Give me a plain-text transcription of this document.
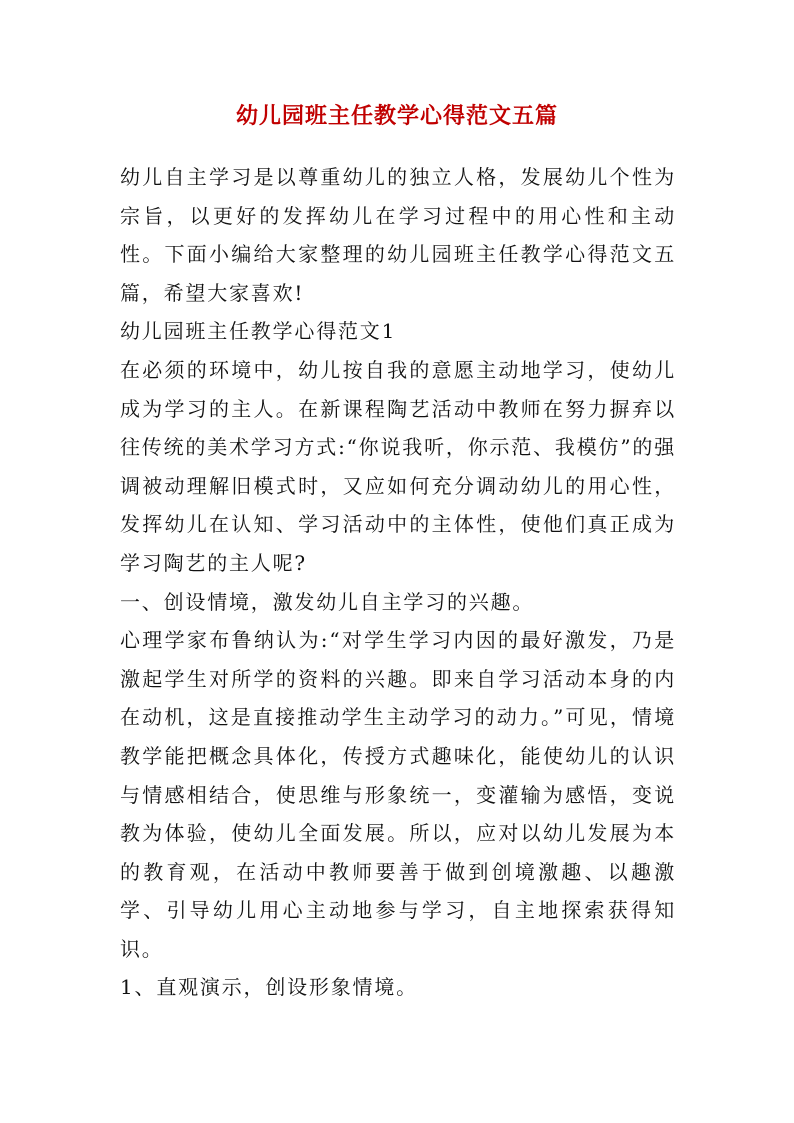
幼儿园班主任教学心得范文五篇

幼儿自主学习是以尊重幼儿的独立人格，发展幼儿个性为宗旨，以更好的发挥幼儿在学习过程中的用心性和主动性。下面小编给大家整理的幼儿园班主任教学心得范文五篇，希望大家喜欢!

幼儿园班主任教学心得范文1

在必须的环境中，幼儿按自我的意愿主动地学习，使幼儿成为学习的主人。在新课程陶艺活动中教师在努力摒弃以往传统的美术学习方式:“你说我听，你示范、我模仿”的强调被动理解旧模式时，又应如何充分调动幼儿的用心性，发挥幼儿在认知、学习活动中的主体性，使他们真正成为学习陶艺的主人呢?

一、创设情境，激发幼儿自主学习的兴趣。

心理学家布鲁纳认为:“对学生学习内因的最好激发，乃是激起学生对所学的资料的兴趣。即来自学习活动本身的内在动机，这是直接推动学生主动学习的动力。”可见，情境教学能把概念具体化，传授方式趣味化，能使幼儿的认识与情感相结合，使思维与形象统一，变灌输为感悟，变说教为体验，使幼儿全面发展。所以，应对以幼儿发展为本的教育观，在活动中教师要善于做到创境激趣、以趣激学、引导幼儿用心主动地参与学习，自主地探索获得知识。

1、直观演示，创设形象情境。
